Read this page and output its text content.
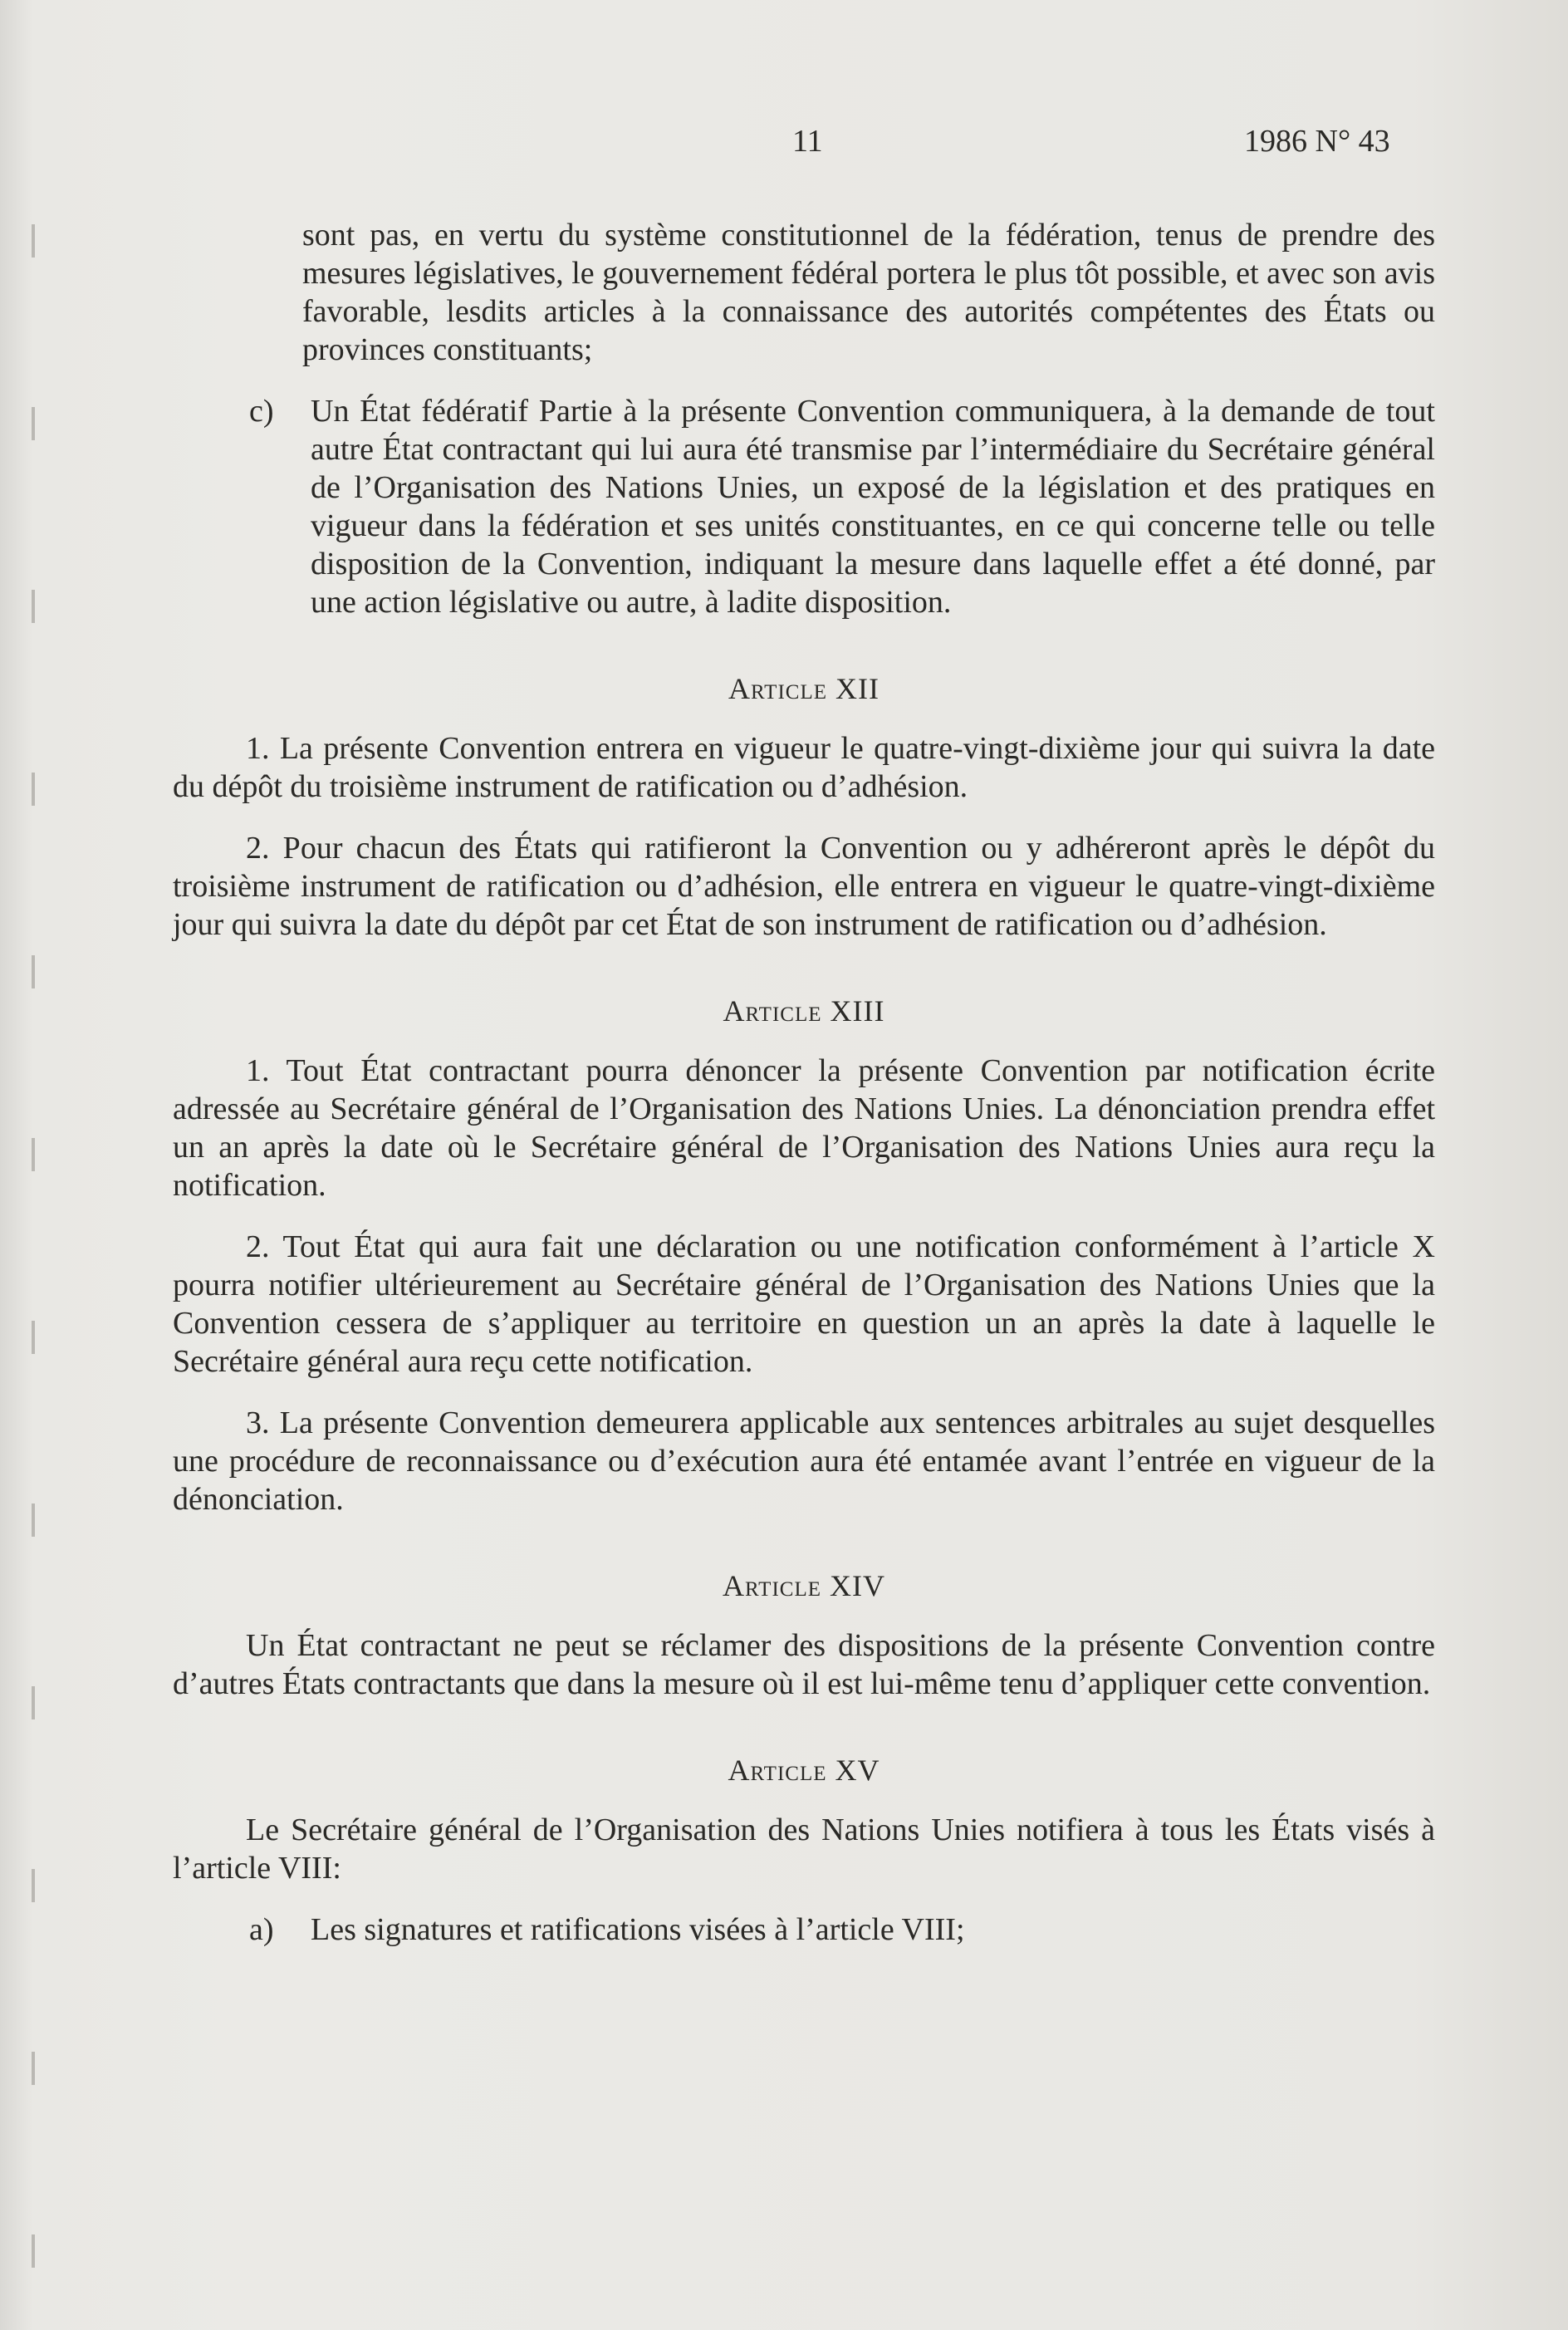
11	1986 N° 43

sont pas, en vertu du système constitutionnel de la fédération, tenus de prendre des mesures législatives, le gouvernement fédéral portera le plus tôt possible, et avec son avis favorable, lesdits articles à la connaissance des autorités compétentes des États ou provinces constituants;

c)	Un État fédératif Partie à la présente Convention communiquera, à la demande de tout autre État contractant qui lui aura été transmise par l’intermédiaire du Secrétaire général de l’Organisation des Nations Unies, un exposé de la législation et des pratiques en vigueur dans la fédération et ses unités constituantes, en ce qui concerne telle ou telle disposition de la Convention, indiquant la mesure dans laquelle effet a été donné, par une action législative ou autre, à ladite disposition.
Article XII

1. La présente Convention entrera en vigueur le quatre-vingt-dixième jour qui suivra la date du dépôt du troisième instrument de ratification ou d’adhésion.

2. Pour chacun des États qui ratifieront la Convention ou y adhéreront après le dépôt du troisième instrument de ratification ou d’adhésion, elle entrera en vigueur le quatre-vingt-dixième jour qui suivra la date du dépôt par cet État de son instrument de ratification ou d’adhésion.

Article XIII

1. Tout État contractant pourra dénoncer la présente Convention par notification écrite adressée au Secrétaire général de l’Organisation des Nations Unies. La dénonciation prendra effet un an après la date où le Secrétaire général de l’Organisation des Nations Unies aura reçu la notification.

2. Tout État qui aura fait une déclaration ou une notification conformément à l’article X pourra notifier ultérieurement au Secrétaire général de l’Organisation des Nations Unies que la Convention cessera de s’appliquer au territoire en question un an après la date à laquelle le Secrétaire général aura reçu cette notification.

3. La présente Convention demeurera applicable aux sentences arbitrales au sujet desquelles une procédure de reconnaissance ou d’exécution aura été entamée avant l’entrée en vigueur de la dénonciation.

Article XIV

Un État contractant ne peut se réclamer des dispositions de la présente Convention contre d’autres États contractants que dans la mesure où il est lui-même tenu d’appliquer cette convention.

Article XV

Le Secrétaire général de l’Organisation des Nations Unies notifiera à tous les États visés à l’article VIII:

a)	Les signatures et ratifications visées à l’article VIII;
